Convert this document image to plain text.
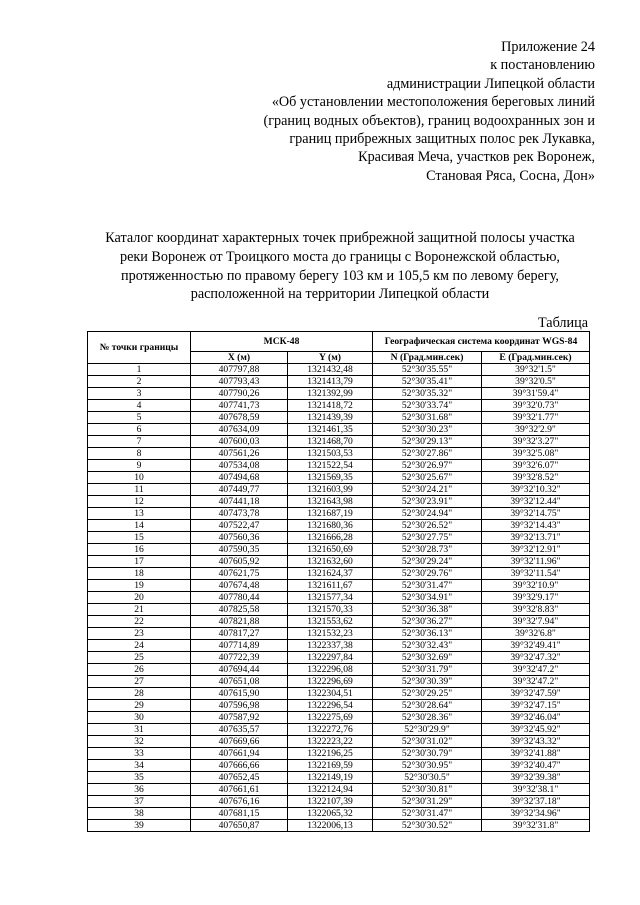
Приложение 24
к постановлению
администрации Липецкой области
«Об установлении местоположения береговых линий
(границ водных объектов), границ водоохранных зон и
границ прибрежных защитных полос рек Лукавка,
Красивая Меча, участков рек Воронеж,
Становая Ряса, Сосна, Дон»
Каталог координат характерных точек прибрежной защитной полосы участка
реки Воронеж от Троицкого моста до границы с Воронежской областью,
протяженностью по правому берегу 103 км и 105,5 км по левому берегу,
расположенной на территории Липецкой области
Таблица
№ точки границы	МСК-48		Географическая система координат WGS-84	
	X (м)	Y (м)	N (Град.мин.сек)	E (Град.мин.сек)
1	407797,88	1321432,48	52°30'35.55"	39°32'1.5"
2	407793,43	1321413,79	52°30'35.41"	39°32'0.5"
3	407790,26	1321392,99	52°30'35.32"	39°31'59.4"
4	407741,73	1321418,72	52°30'33.74"	39°32'0.73"
5	407678,59	1321439,39	52°30'31.68"	39°32'1.77"
6	407634,09	1321461,35	52°30'30.23"	39°32'2.9"
7	407600,03	1321468,70	52°30'29.13"	39°32'3.27"
8	407561,26	1321503,53	52°30'27.86"	39°32'5.08"
9	407534,08	1321522,54	52°30'26.97"	39°32'6.07"
10	407494,68	1321569,35	52°30'25.67"	39°32'8.52"
11	407449,77	1321603,99	52°30'24.21"	39°32'10.32"
12	407441,18	1321643,98	52°30'23.91"	39°32'12.44"
13	407473,78	1321687,19	52°30'24.94"	39°32'14.75"
14	407522,47	1321680,36	52°30'26.52"	39°32'14.43"
15	407560,36	1321666,28	52°30'27.75"	39°32'13.71"
16	407590,35	1321650,69	52°30'28.73"	39°32'12.91"
17	407605,92	1321632,60	52°30'29.24"	39°32'11.96"
18	407621,75	1321624,37	52°30'29.76"	39°32'11.54"
19	407674,48	1321611,67	52°30'31.47"	39°32'10.9"
20	407780,44	1321577,34	52°30'34.91"	39°32'9.17"
21	407825,58	1321570,33	52°30'36.38"	39°32'8.83"
22	407821,88	1321553,62	52°30'36.27"	39°32'7.94"
23	407817,27	1321532,23	52°30'36.13"	39°32'6.8"
24	407714,89	1322337,38	52°30'32.43"	39°32'49.41"
25	407722,39	1322297,84	52°30'32.69"	39°32'47.32"
26	407694,44	1322296,08	52°30'31.79"	39°32'47.2"
27	407651,08	1322296,69	52°30'30.39"	39°32'47.2"
28	407615,90	1322304,51	52°30'29.25"	39°32'47.59"
29	407596,98	1322296,54	52°30'28.64"	39°32'47.15"
30	407587,92	1322275,69	52°30'28.36"	39°32'46.04"
31	407635,57	1322272,76	52°30'29.9"	39°32'45.92"
32	407669,66	1322223,22	52°30'31.02"	39°32'43.32"
33	407661,94	1322196,25	52°30'30.79"	39°32'41.88"
34	407666,66	1322169,59	52°30'30.95"	39°32'40.47"
35	407652,45	1322149,19	52°30'30.5"	39°32'39.38"
36	407661,61	1322124,94	52°30'30.81"	39°32'38.1"
37	407676,16	1322107,39	52°30'31.29"	39°32'37.18"
38	407681,15	1322065,32	52°30'31.47"	39°32'34.96"
39	407650,87	1322006,13	52°30'30.52"	39°32'31.8"
